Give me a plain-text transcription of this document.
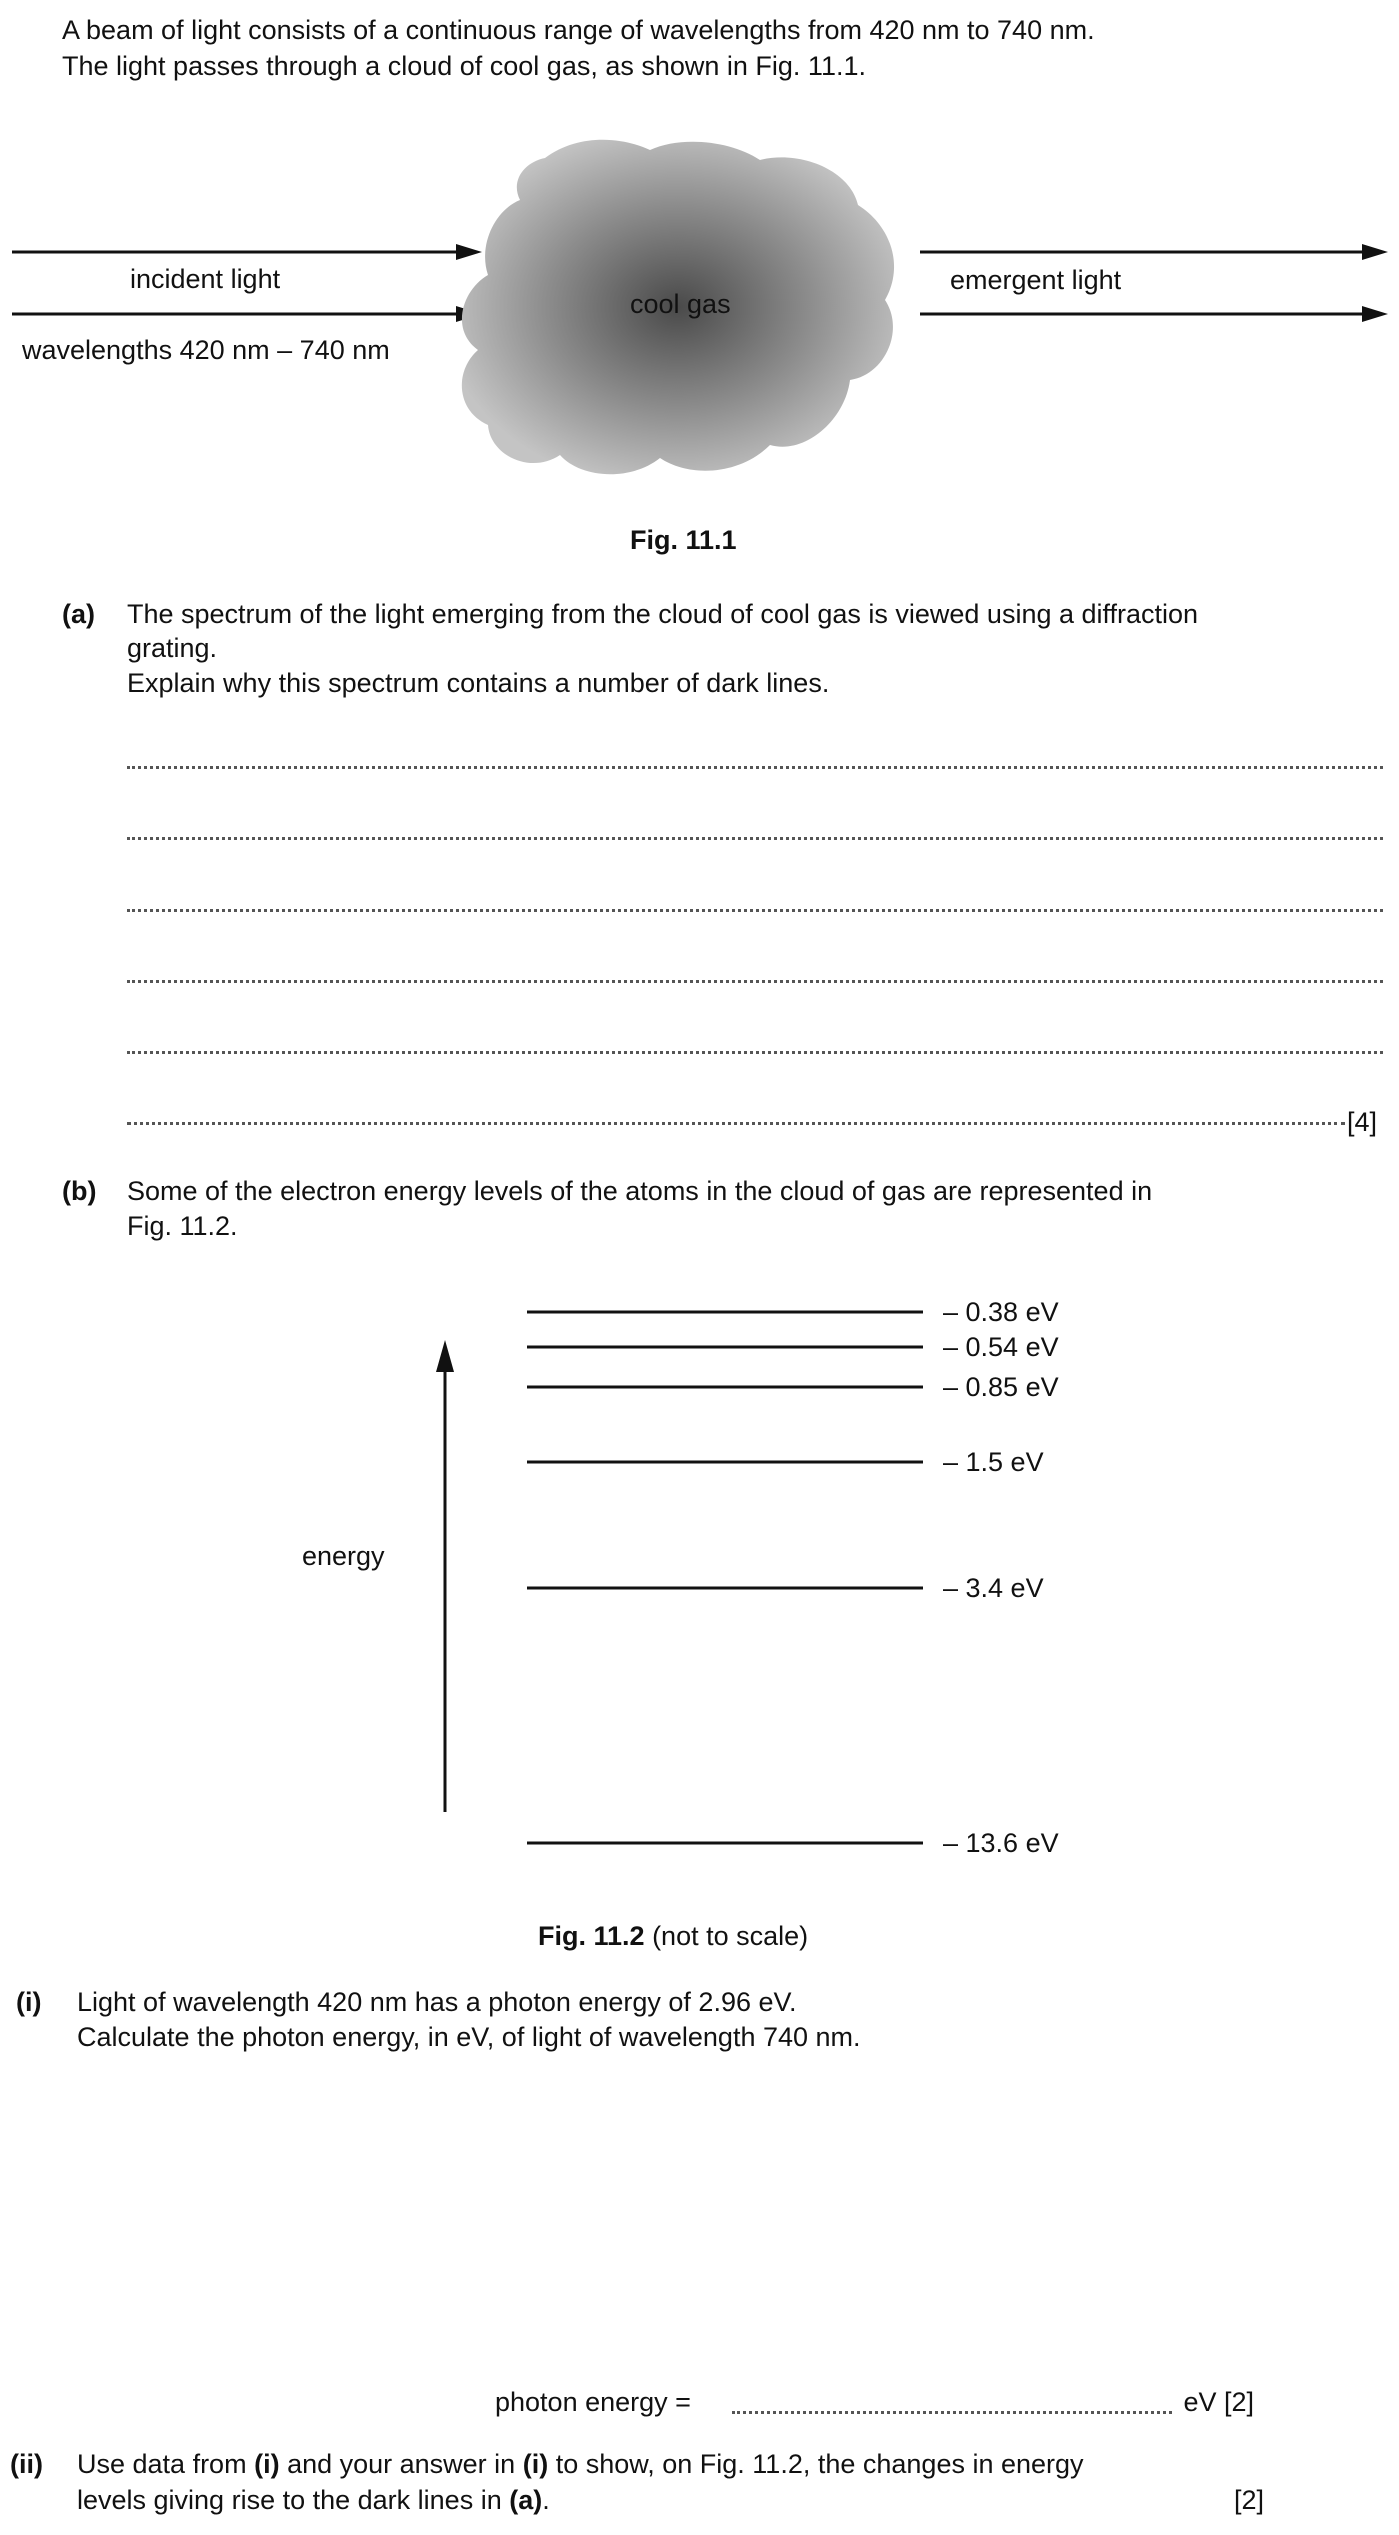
A beam of light consists of a continuous range of wavelengths from 420 nm to 740 nm.
The light passes through a cloud of cool gas, as shown in Fig. 11.1.
incident light
wavelengths 420 nm – 740 nm
cool gas
emergent light
Fig. 11.1
(a) The spectrum of the light emerging from the cloud of cool gas is viewed using a diffraction
grating.
Explain why this spectrum contains a number of dark lines.
[4]
(b) Some of the electron energy levels of the atoms in the cloud of gas are represented in
Fig. 11.2.
energy
– 0.38 eV
– 0.54 eV
– 0.85 eV
– 1.5 eV
– 3.4 eV
– 13.6 eV
Fig. 11.2 (not to scale)
(i) Light of wavelength 420 nm has a photon energy of 2.96 eV.
Calculate the photon energy, in eV, of light of wavelength 740 nm.
photon energy =	eV [2]
(ii) Use data from (i) and your answer in (i) to show, on Fig. 11.2, the changes in energy
levels giving rise to the dark lines in (a).	[2]
